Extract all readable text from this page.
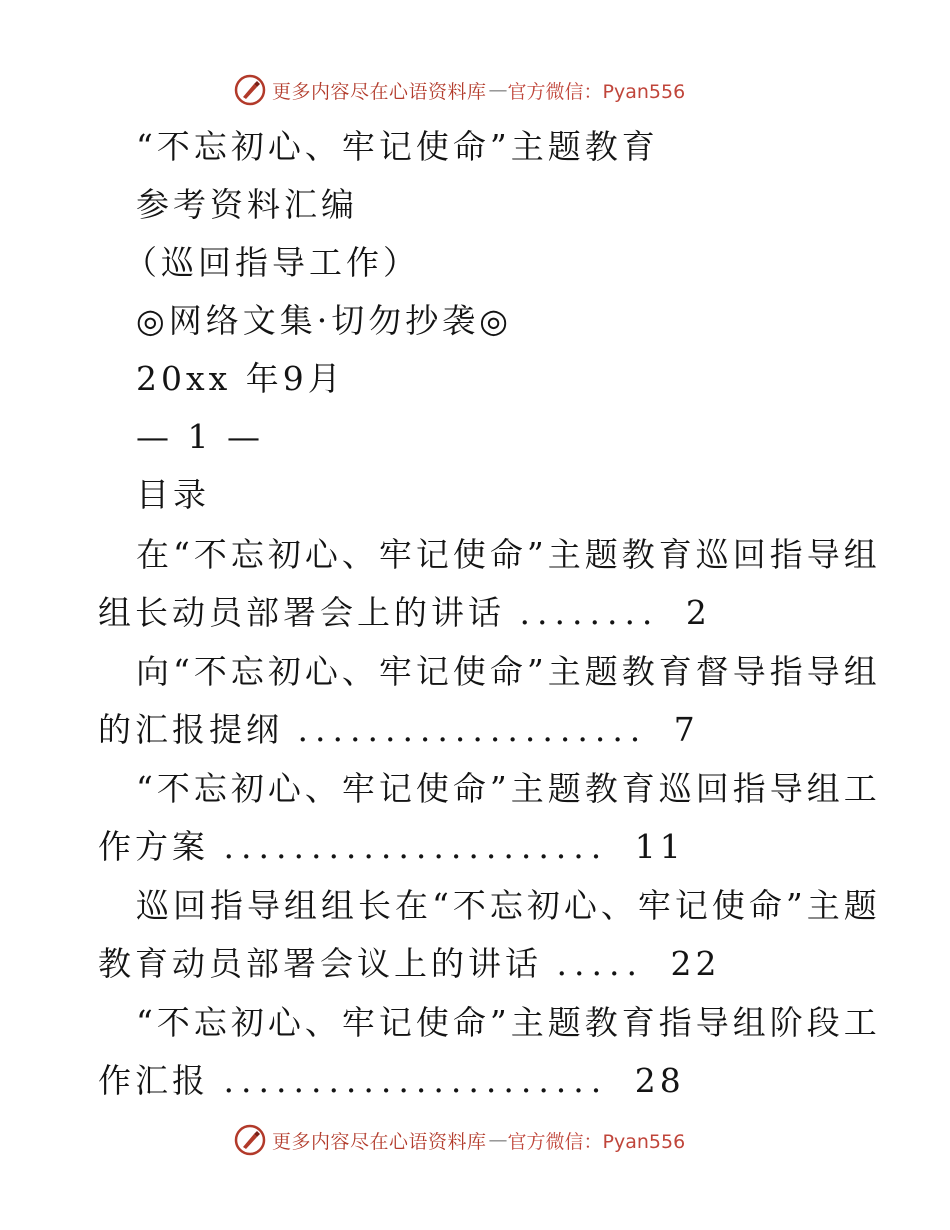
更多内容尽在心语资料库 — 官方微信：Pyan556
“不忘初心、牢记使命”主题教育
参考资料汇编
（巡回指导工作）
◎网络文集·切勿抄袭◎
20xx 年9月
— 1 —
目录
在“不忘初心、牢记使命”主题教育巡回指导组
组长动员部署会上的讲话 ........ 2
向“不忘初心、牢记使命”主题教育督导指导组
的汇报提纲 .................... 7
“不忘初心、牢记使命”主题教育巡回指导组工
作方案 ...................... 11
巡回指导组组长在“不忘初心、牢记使命”主题
教育动员部署会议上的讲话 ..... 22
“不忘初心、牢记使命”主题教育指导组阶段工
作汇报 ...................... 28
更多内容尽在心语资料库 — 官方微信：Pyan556
